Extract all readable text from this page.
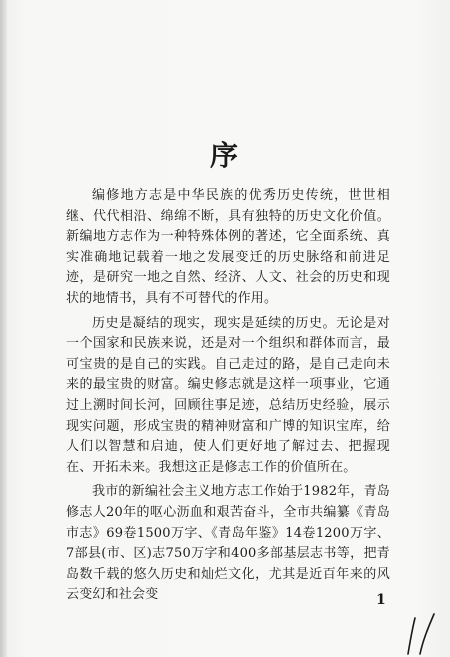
序

编修地方志是中华民族的优秀历史传统，世世相继、代代相沿、绵绵不断，具有独特的历史文化价值。新编地方志作为一种特殊体例的著述，它全面系统、真实准确地记载着一地之发展变迁的历史脉络和前进足迹，是研究一地之自然、经济、人文、社会的历史和现状的地情书，具有不可替代的作用。

历史是凝结的现实，现实是延续的历史。无论是对一个国家和民族来说，还是对一个组织和群体而言，最可宝贵的是自己的实践。自己走过的路，是自己走向未来的最宝贵的财富。编史修志就是这样一项事业，它通过上溯时间长河，回顾往事足迹，总结历史经验，展示现实问题，形成宝贵的精神财富和广博的知识宝库，给人们以智慧和启迪，使人们更好地了解过去、把握现在、开拓未来。我想这正是修志工作的价值所在。

我市的新编社会主义地方志工作始于1982年，青岛修志人20年的呕心沥血和艰苦奋斗，全市共编纂《青岛市志》69卷1500万字、《青岛年鉴》14卷1200万字、7部县(市、区)志750万字和400多部基层志书等，把青岛数千载的悠久历史和灿烂文化，尤其是近百年来的风云变幻和社会变	1
